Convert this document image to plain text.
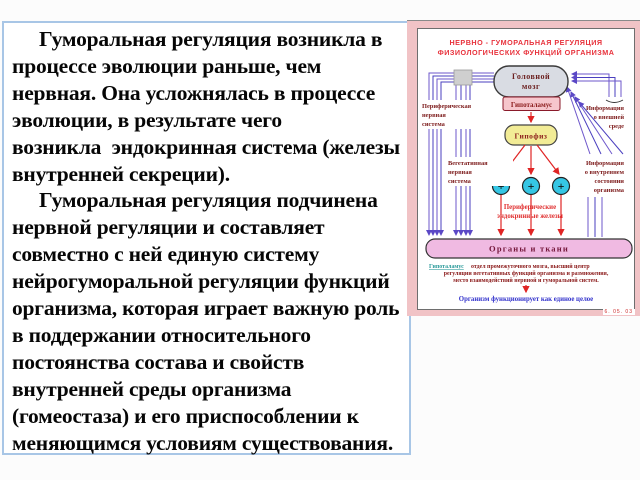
Гуморальная регуляция возникла в
процессе эволюции раньше, чем
нервная. Она усложнялась в процессе
эволюции, в результате чего
возникла  эндокринная система (железы
внутренней секреции).
Гуморальная регуляция подчинена
нервной регуляции и составляет
совместно с ней единую систему
нейрогуморальной регуляции функций
организма, которая играет важную роль
в поддержании относительного
постоянства состава и свойств
внутренней среды организма
(гомеостаза) и его приспособлении к
меняющимся условиям существования.
НЕРВНО - ГУМОРАЛЬНАЯ РЕГУЛЯЦИЯ
ФИЗИОЛОГИЧЕСКИХ ФУНКЦИЙ ОРГАНИЗМА
Головной
мозг
Гипоталамус
Гипофиз
+ +
Периферические
эндокринные железы
Периферическая
нервная
система
Вегетативная
нервная
система
Информация
о внешней
среде
Информация
о внутреннем
состоянии
организма
Органы и ткани
Гипоталамус отдел промежуточного мозга, высший центр
регуляции вегетативных функций организма и размножения,
место взаимодействий нервной и гуморальной систем.
Организм функционирует как единое целое
6. 05. 03
